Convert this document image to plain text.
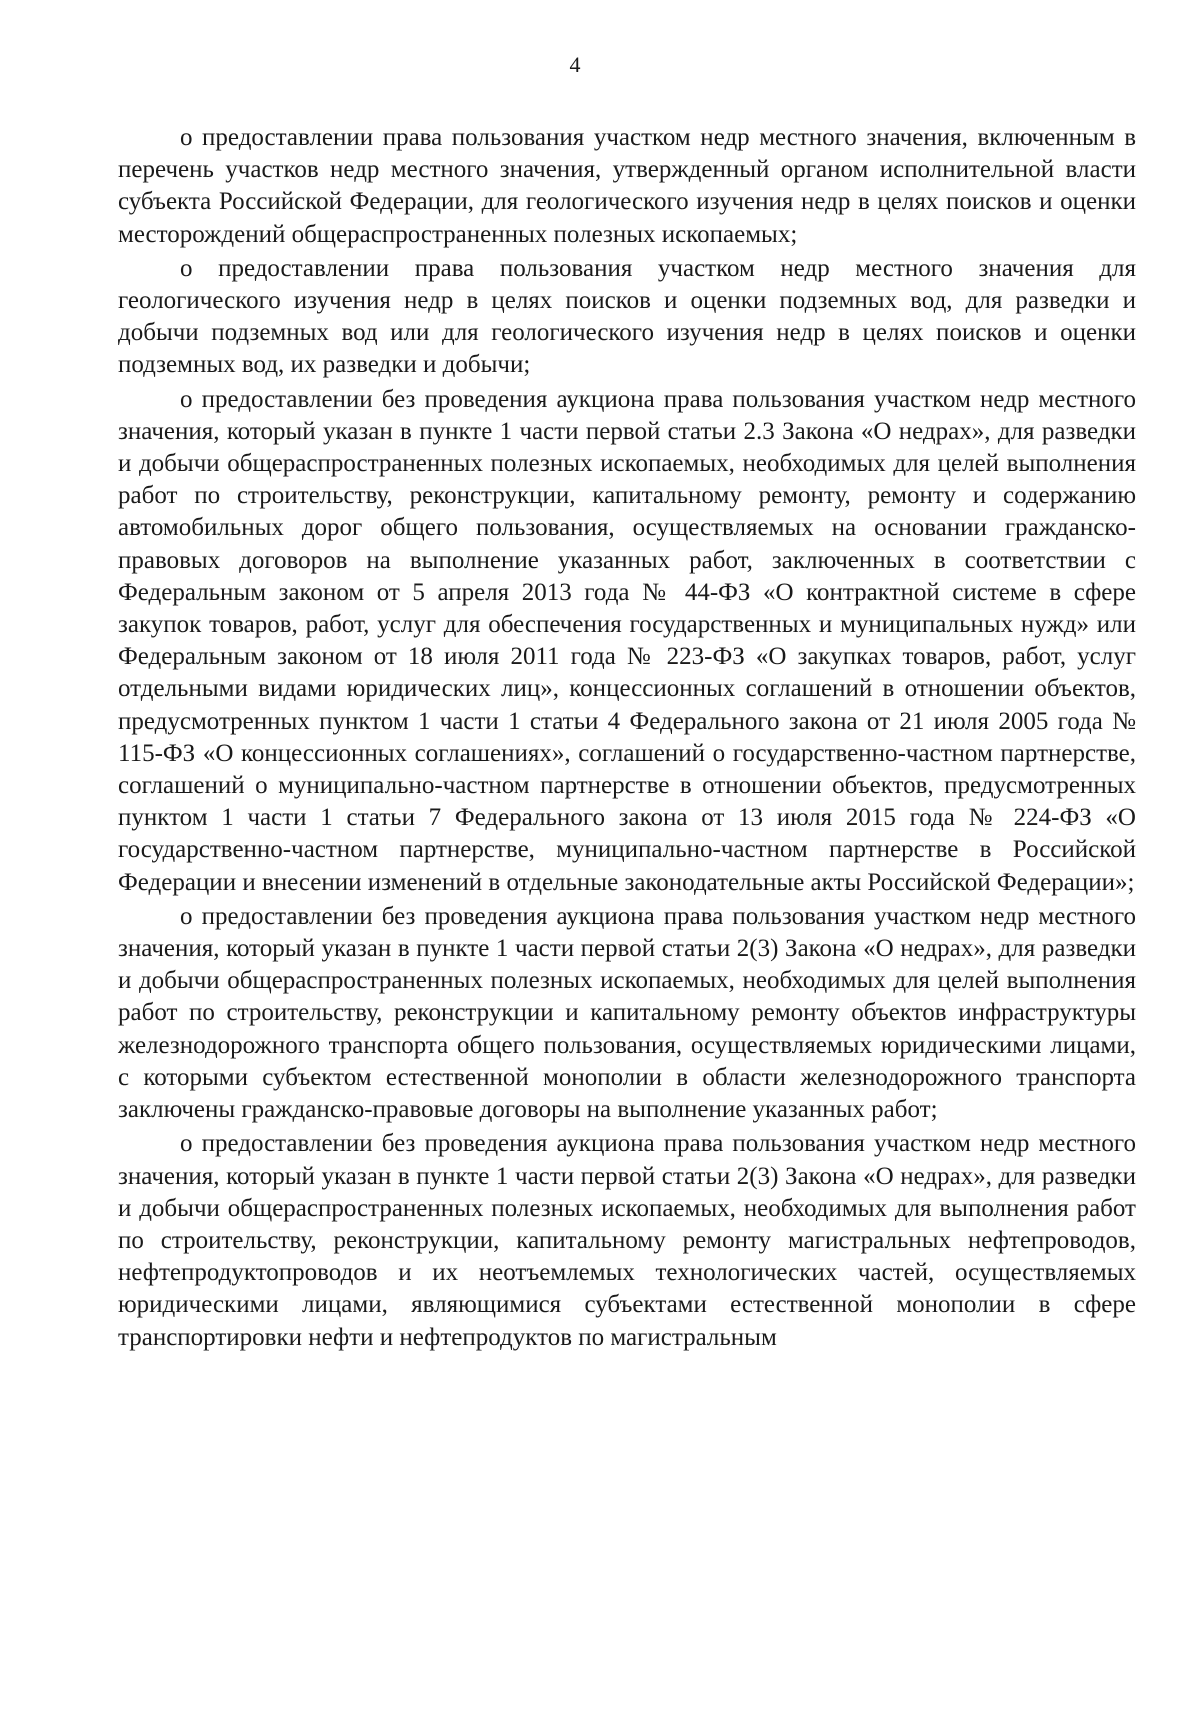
4

о предоставлении права пользования участком недр местного значения, включенным в перечень участков недр местного значения, утвержденный органом исполнительной власти субъекта Российской Федерации, для геологического изучения недр в целях поисков и оценки месторождений общераспространенных полезных ископаемых;

о предоставлении права пользования участком недр местного значения для геологического изучения недр в целях поисков и оценки подземных вод, для разведки и добычи подземных вод или для геологического изучения недр в целях поисков и оценки подземных вод, их разведки и добычи;

о предоставлении без проведения аукциона права пользования участком недр местного значения, который указан в пункте 1 части первой статьи 2.3 Закона «О недрах», для разведки и добычи общераспространенных полезных ископаемых, необходимых для целей выполнения работ по строительству, реконструкции, капитальному ремонту, ремонту и содержанию автомобильных дорог общего пользования, осуществляемых на основании гражданско-правовых договоров на выполнение указанных работ, заключенных в соответствии с Федеральным законом от 5 апреля 2013 года № 44-ФЗ «О контрактной системе в сфере закупок товаров, работ, услуг для обеспечения государственных и муниципальных нужд» или Федеральным законом от 18 июля 2011 года № 223-ФЗ «О закупках товаров, работ, услуг отдельными видами юридических лиц», концессионных соглашений в отношении объектов, предусмотренных пунктом 1 части 1 статьи 4 Федерального закона от 21 июля 2005 года № 115-ФЗ «О концессионных соглашениях», соглашений о государственно-частном партнерстве, соглашений о муниципально-частном партнерстве в отношении объектов, предусмотренных пунктом 1 части 1 статьи 7 Федерального закона от 13 июля 2015 года № 224-ФЗ «О государственно-частном партнерстве, муниципально-частном партнерстве в Российской Федерации и внесении изменений в отдельные законодательные акты Российской Федерации»;

о предоставлении без проведения аукциона права пользования участком недр местного значения, который указан в пункте 1 части первой статьи 2(3) Закона «О недрах», для разведки и добычи общераспространенных полезных ископаемых, необходимых для целей выполнения работ по строительству, реконструкции и капитальному ремонту объектов инфраструктуры железнодорожного транспорта общего пользования, осуществляемых юридическими лицами, с которыми субъектом естественной монополии в области железнодорожного транспорта заключены гражданско-правовые договоры на выполнение указанных работ;

о предоставлении без проведения аукциона права пользования участком недр местного значения, который указан в пункте 1 части первой статьи 2(3) Закона «О недрах», для разведки и добычи общераспространенных полезных ископаемых, необходимых для выполнения работ по строительству, реконструкции, капитальному ремонту магистральных нефтепроводов, нефтепродуктопроводов и их неотъемлемых технологических частей, осуществляемых юридическими лицами, являющимися субъектами естественной монополии в сфере транспортировки нефти и нефтепродуктов по магистральным
